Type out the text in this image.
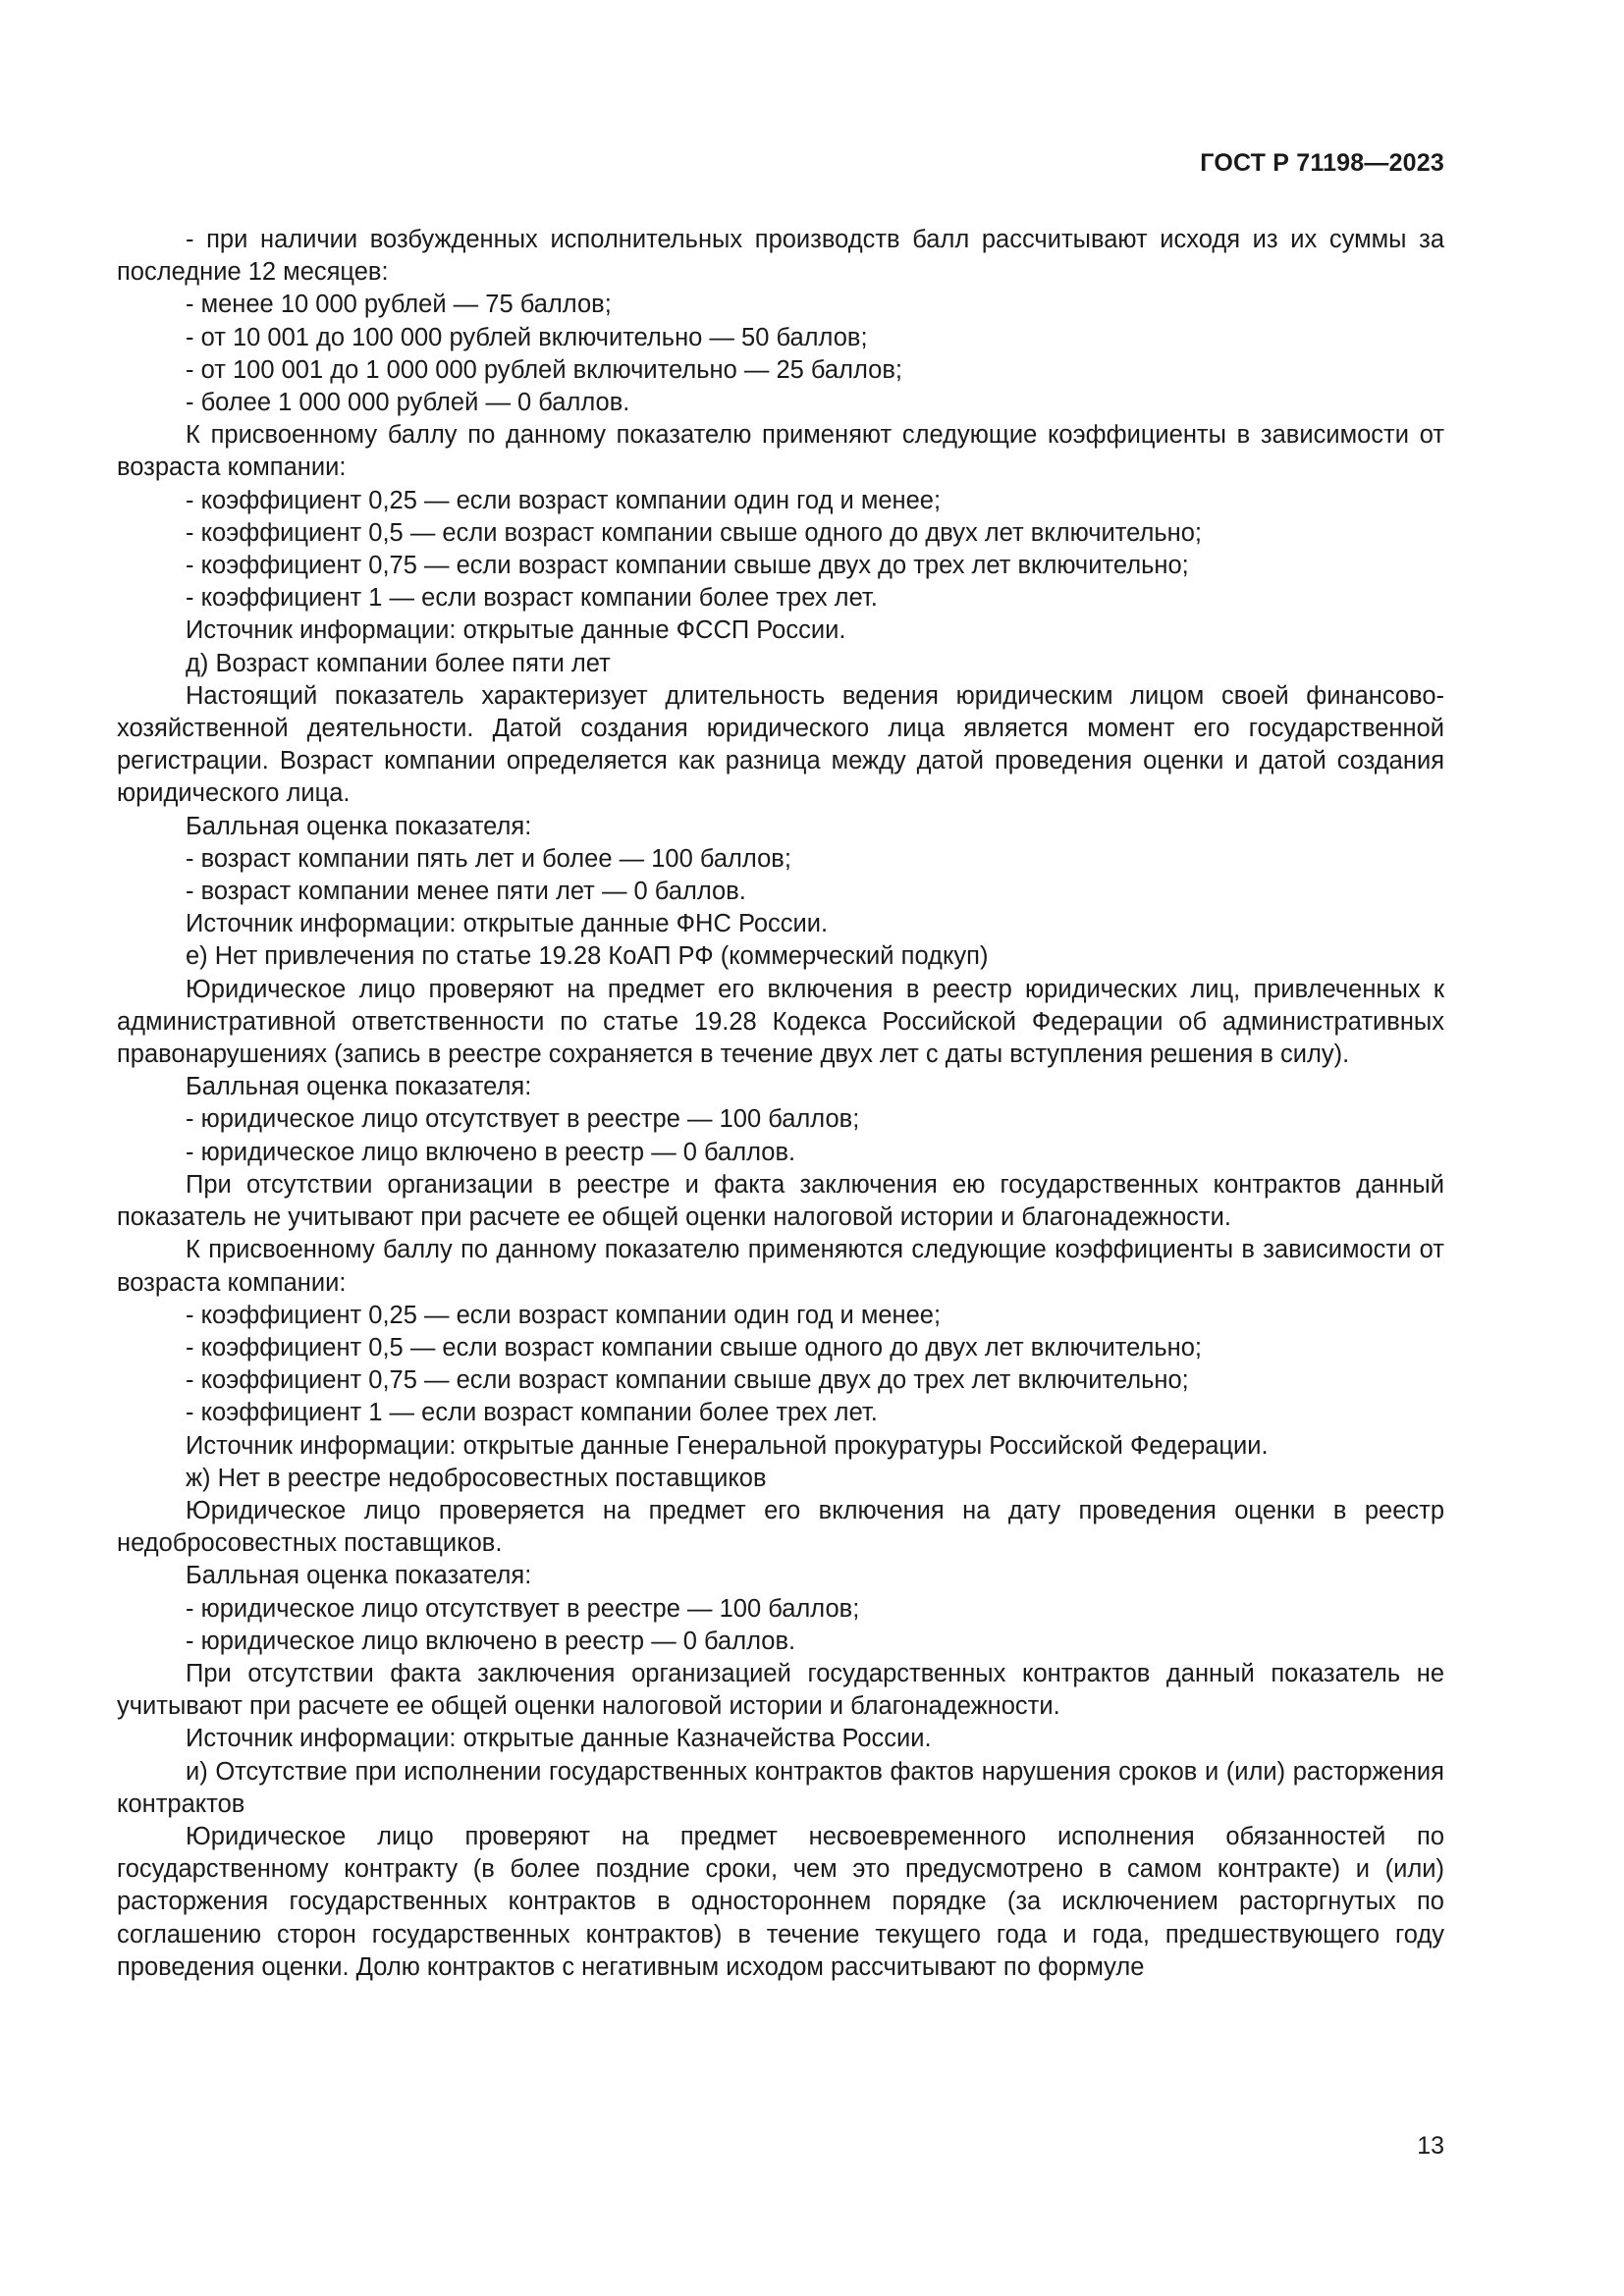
ГОСТ Р 71198—2023

- при наличии возбужденных исполнительных производств балл рассчитывают исходя из их суммы за последние 12 месяцев:

- менее 10 000 рублей — 75 баллов;

- от 10 001 до 100 000 рублей включительно — 50 баллов;

- от 100 001 до 1 000 000 рублей включительно — 25 баллов;

- более 1 000 000 рублей — 0 баллов.

К присвоенному баллу по данному показателю применяют следующие коэффициенты в зависимости от возраста компании:

- коэффициент 0,25 — если возраст компании один год и менее;

- коэффициент 0,5 — если возраст компании свыше одного до двух лет включительно;

- коэффициент 0,75 — если возраст компании свыше двух до трех лет включительно;

- коэффициент 1 — если возраст компании более трех лет.

Источник информации: открытые данные ФССП России.

д) Возраст компании более пяти лет

Настоящий показатель характеризует длительность ведения юридическим лицом своей финансово-хозяйственной деятельности. Датой создания юридического лица является момент его государственной регистрации. Возраст компании определяется как разница между датой проведения оценки и датой создания юридического лица.

Балльная оценка показателя:

- возраст компании пять лет и более — 100 баллов;

- возраст компании менее пяти лет — 0 баллов.

Источник информации: открытые данные ФНС России.

е) Нет привлечения по статье 19.28 КоАП РФ (коммерческий подкуп)

Юридическое лицо проверяют на предмет его включения в реестр юридических лиц, привлеченных к административной ответственности по статье 19.28 Кодекса Российской Федерации об административных правонарушениях (запись в реестре сохраняется в течение двух лет с даты вступления решения в силу).

Балльная оценка показателя:

- юридическое лицо отсутствует в реестре — 100 баллов;

- юридическое лицо включено в реестр — 0 баллов.

При отсутствии организации в реестре и факта заключения ею государственных контрактов данный показатель не учитывают при расчете ее общей оценки налоговой истории и благонадежности.

К присвоенному баллу по данному показателю применяются следующие коэффициенты в зависимости от возраста компании:

- коэффициент 0,25 — если возраст компании один год и менее;

- коэффициент 0,5 — если возраст компании свыше одного до двух лет включительно;

- коэффициент 0,75 — если возраст компании свыше двух до трех лет включительно;

- коэффициент 1 — если возраст компании более трех лет.

Источник информации: открытые данные Генеральной прокуратуры Российской Федерации.

ж) Нет в реестре недобросовестных поставщиков

Юридическое лицо проверяется на предмет его включения на дату проведения оценки в реестр недобросовестных поставщиков.

Балльная оценка показателя:

- юридическое лицо отсутствует в реестре — 100 баллов;

- юридическое лицо включено в реестр — 0 баллов.

При отсутствии факта заключения организацией государственных контрактов данный показатель не учитывают при расчете ее общей оценки налоговой истории и благонадежности.

Источник информации: открытые данные Казначейства России.

и) Отсутствие при исполнении государственных контрактов фактов нарушения сроков и (или) расторжения контрактов

Юридическое лицо проверяют на предмет несвоевременного исполнения обязанностей по государственному контракту (в более поздние сроки, чем это предусмотрено в самом контракте) и (или) расторжения государственных контрактов в одностороннем порядке (за исключением расторгнутых по соглашению сторон государственных контрактов) в течение текущего года и года, предшествующего году проведения оценки. Долю контрактов с негативным исходом рассчитывают по формуле

13
